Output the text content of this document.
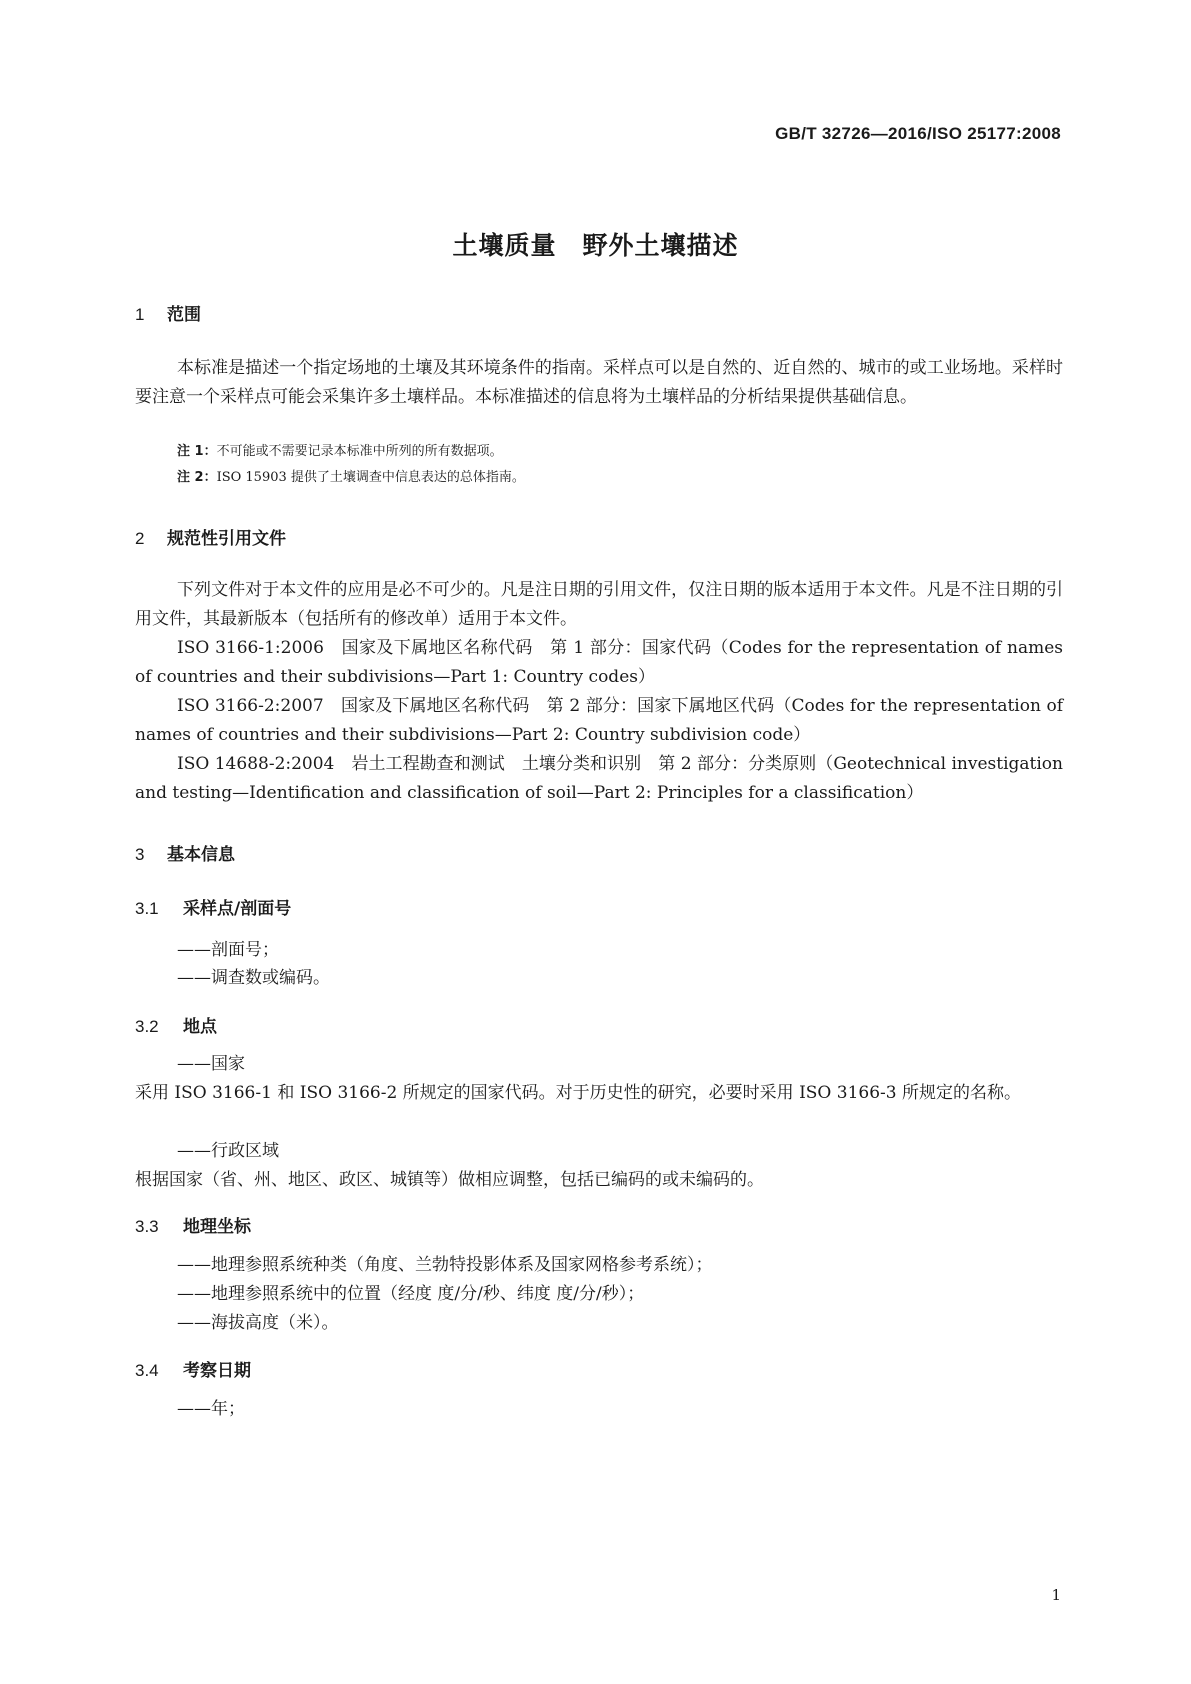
GB/T 32726—2016/ISO 25177:2008
土壤质量　野外土壤描述
1 范围
本标准是描述一个指定场地的土壤及其环境条件的指南。采样点可以是自然的、近自然的、城市的或工业场地。采样时要注意一个采样点可能会采集许多土壤样品。本标准描述的信息将为土壤样品的分析结果提供基础信息。
注 1：不可能或不需要记录本标准中所列的所有数据项。
注 2：ISO 15903 提供了土壤调查中信息表达的总体指南。
2 规范性引用文件
下列文件对于本文件的应用是必不可少的。凡是注日期的引用文件，仅注日期的版本适用于本文件。凡是不注日期的引用文件，其最新版本（包括所有的修改单）适用于本文件。
ISO 3166-1:2006　国家及下属地区名称代码　第 1 部分：国家代码（Codes for the representation of names of countries and their subdivisions—Part 1: Country codes）
ISO 3166-2:2007　国家及下属地区名称代码　第 2 部分：国家下属地区代码（Codes for the representation of names of countries and their subdivisions—Part 2: Country subdivision code）
ISO 14688-2:2004　岩土工程勘查和测试　土壤分类和识别　第 2 部分：分类原则（Geotechnical investigation and testing—Identification and classification of soil—Part 2: Principles for a classification）
3 基本信息
3.1 采样点/剖面号
——剖面号；
——调查数或编码。
3.2 地点
——国家
采用 ISO 3166-1 和 ISO 3166-2 所规定的国家代码。对于历史性的研究，必要时采用 ISO 3166-3 所规定的名称。
——行政区域
根据国家（省、州、地区、政区、城镇等）做相应调整，包括已编码的或未编码的。
3.3 地理坐标
——地理参照系统种类（角度、兰勃特投影体系及国家网格参考系统）；
——地理参照系统中的位置（经度 度/分/秒、纬度 度/分/秒）；
——海拔高度（米）。
3.4 考察日期
——年；
1
